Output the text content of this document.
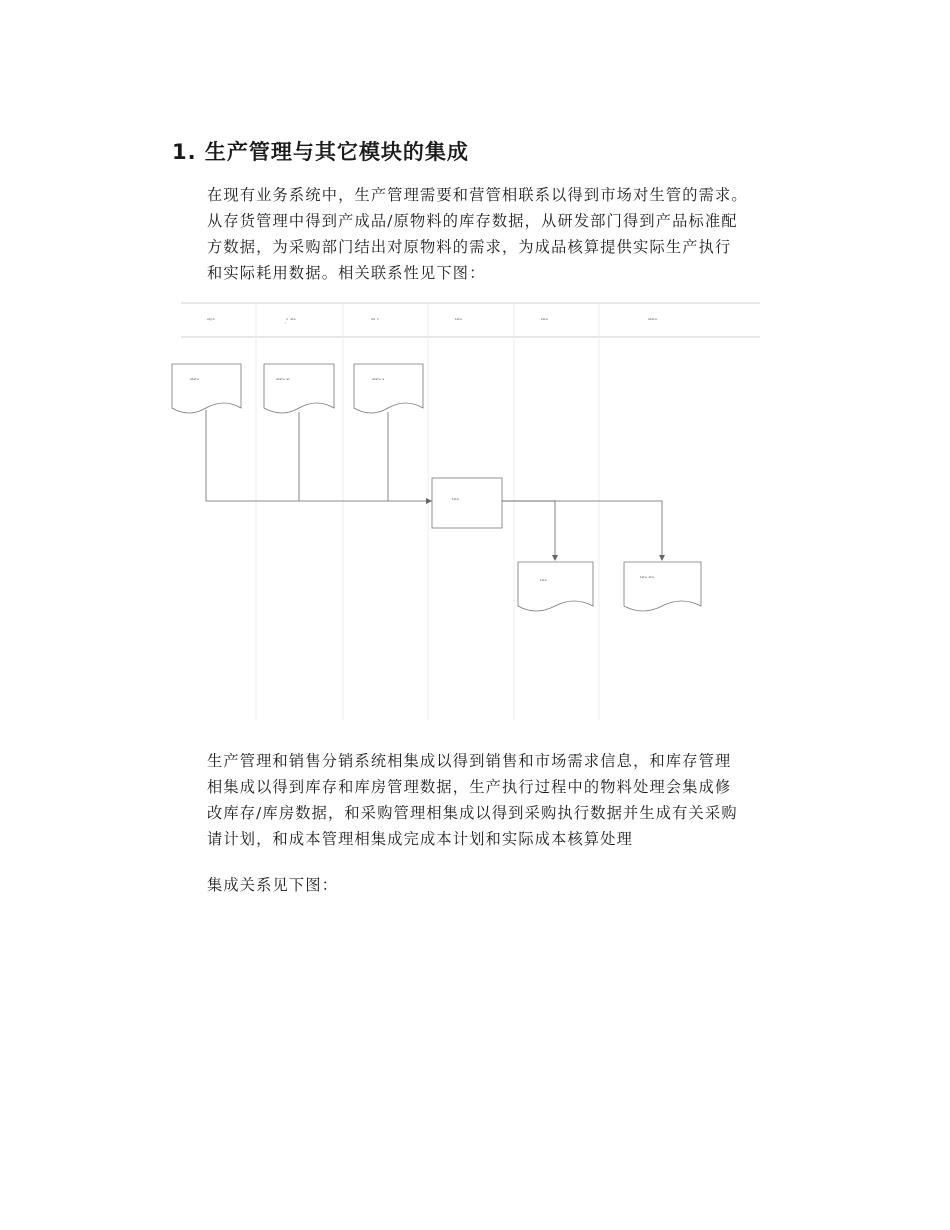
1. 生产管理与其它模块的集成
在现有业务系统中，生产管理需要和营管相联系以得到市场对生管的需求。
从存货管理中得到产成品/原物料的库存数据，从研发部门得到产品标准配
方数据，为采购部门结出对原物料的需求，为成品核算提供实际生产执行
和实际耗用数据。相关联系性见下图：
ᵉᵗᵖʰ	ˏᵏ ᵃᵗᵃ	ˡᵃᵗ ʰ	ᵗᵃᵗᵃ	ᵗᵃᵗᵃ	ᵃᵗᵃᵗᵃ
ᵃᵗᵃᵗᵃ	ᵃᵗᵃᵗᵃ ᵃᵗ	ᵃᵗᵃᵗᵃ ᵃ
ᵗᵃᵗᵃ
ᵗᵃᵗᵃ	ᵗᵃᵗᵃ ᵃᵗᵃ
生产管理和销售分销系统相集成以得到销售和市场需求信息，和库存管理
相集成以得到库存和库房管理数据，生产执行过程中的物料处理会集成修
改库存/库房数据，和采购管理相集成以得到采购执行数据并生成有关采购
请计划，和成本管理相集成完成本计划和实际成本核算处理
集成关系见下图：
